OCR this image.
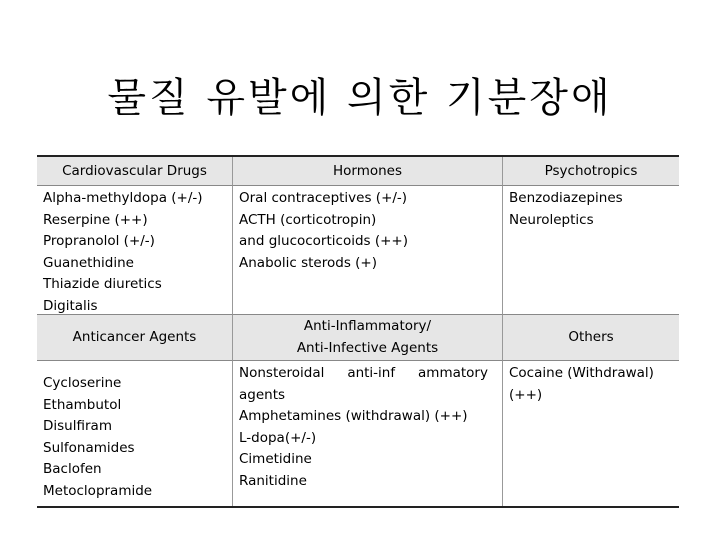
물질 유발에 의한 기분장애
Cardiovascular Drugs	Hormones	Psychotropics
Alpha-methyldopa (+/-)
Reserpine (++)
Propranolol (+/-)
Guanethidine
Thiazide diuretics
Digitalis
Oral contraceptives (+/-)
ACTH (corticotropin)
and glucocorticoids (++)
Anabolic sterods (+)
Benzodiazepines
Neuroleptics
Anticancer Agents
Anti-Inflammatory/
Anti-Infective Agents
Others
Cycloserine
Ethambutol
Disulfiram
Sulfonamides
Baclofen
Metoclopramide
Nonsteroidal anti-inf ammatory
agents
Amphetamines (withdrawal) (++)
L-dopa(+/-)
Cimetidine
Ranitidine
Cocaine (Withdrawal)
(++)
